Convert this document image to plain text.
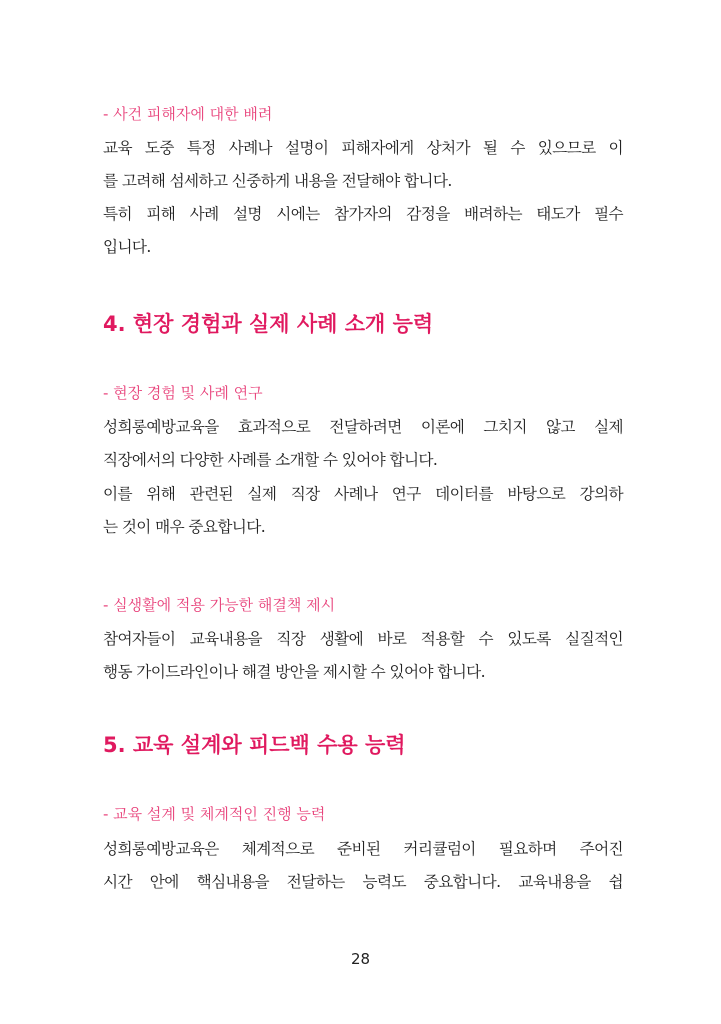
- 사건 피해자에 대한 배려
교육 도중 특정 사례나 설명이 피해자에게 상처가 될 수 있으므로 이
를 고려해 섬세하고 신중하게 내용을 전달해야 합니다.
특히 피해 사례 설명 시에는 참가자의 감정을 배려하는 태도가 필수
입니다.
4. 현장 경험과 실제 사례 소개 능력
- 현장 경험 및 사례 연구
성희롱예방교육을 효과적으로 전달하려면 이론에 그치지 않고 실제
직장에서의 다양한 사례를 소개할 수 있어야 합니다.
이를 위해 관련된 실제 직장 사례나 연구 데이터를 바탕으로 강의하
는 것이 매우 중요합니다.
- 실생활에 적용 가능한 해결책 제시
참여자들이 교육내용을 직장 생활에 바로 적용할 수 있도록 실질적인
행동 가이드라인이나 해결 방안을 제시할 수 있어야 합니다.
5. 교육 설계와 피드백 수용 능력
- 교육 설계 및 체계적인 진행 능력
성희롱예방교육은 체계적으로 준비된 커리큘럼이 필요하며 주어진
시간 안에 핵심내용을 전달하는 능력도 중요합니다. 교육내용을 쉽
28
